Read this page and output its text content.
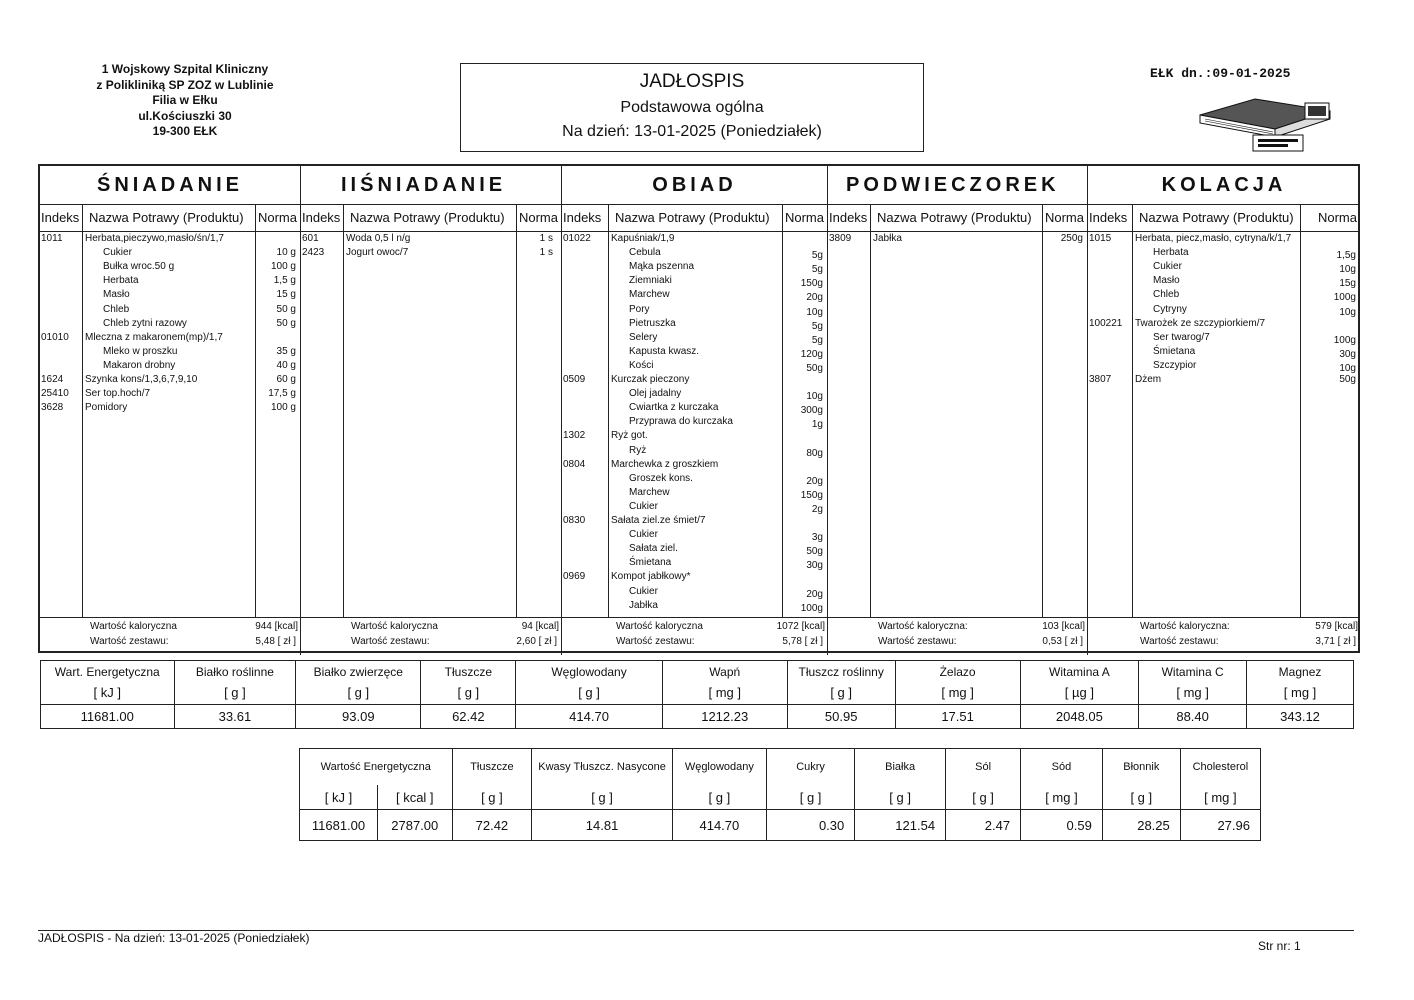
1 Wojskowy Szpital Kliniczny
z Polikliniką SP ZOZ w Lublinie
Filia w Ełku
ul.Kościuszki 30
19-300 EŁK
JADŁOSPIS
Podstawowa ogólna
Na dzień: 13-01-2025 (Poniedziałek)
EŁK dn.:09-01-2025
ŚNIADANIE
Indeks Nazwa Potrawy (Produktu) Norma
1011 Herbata,pieczywo,masło/śn/1,7
Cukier	10 g
Bułka wroc.50 g	100 g
Herbata	1,5 g
Masło	15 g
Chleb	50 g
Chleb zytni razowy	50 g
01010 Mleczna z makaronem(mp)/1,7
Mleko w proszku	35 g
Makaron drobny	40 g
1624 Szynka kons/1,3,6,7,9,10	60 g
25410 Ser top.hoch/7	17,5 g
3628 Pomidory	100 g
Wartość kaloryczna	944 [kcal]
Wartość zestawu:	5,48 [ zł ]
IIŚNIADANIE
Indeks Nazwa Potrawy (Produktu) Norma
601	Woda 0,5 l n/g	1 s
2423 Jogurt owoc/7	1 s
Wartość kaloryczna	94 [kcal]
Wartość zestawu:	2,60 [ zł ]
OBIAD
Indeks Nazwa Potrawy (Produktu) Norma
01022 Kapuśniak/1,9
Cebula	5g
Mąka pszenna	5g
Ziemniaki	150g
Marchew	20g
Pory	10g
Pietruszka	5g
Selery	5g
Kapusta kwasz.	120g
Kości	50g
0509	Kurczak pieczony
Olej jadalny	10g
Cwiartka z kurczaka	300g
Przyprawa do kurczaka	1g
1302	Ryż got.
Ryż	80g
0804	Marchewka z groszkiem
Groszek kons.	20g
Marchew	150g
Cukier	2g
0830	Sałata ziel.ze śmiet/7
Cukier	3g
Sałata ziel.	50g
Śmietana	30g
0969	Kompot jabłkowy*
Cukier	20g
Jabłka	100g
Wartość kaloryczna	1072 [kcal]
Wartość zestawu:	5,78 [ zł ]
PODWIECZOREK
Indeks Nazwa Potrawy (Produktu) Norma
3809 Jabłka	250g
Wartość kaloryczna:	103 [kcal]
Wartość zestawu:	0,53 [ zł ]
KOLACJA
Indeks Nazwa Potrawy (Produktu) Norma
1015 Herbata, piecz,masło, cytryna/k/1,7
Herbata	1,5g
Cukier	10g
Masło	15g
Chleb	100g
Cytryny	10g
100221 Twarożek ze szczypiorkiem/7
Ser twarog/7	100g
Śmietana	30g
Szczypior	10g
3807 Dżem	50g
Wartość kaloryczna:	579 [kcal]
Wartość zestawu:	3,71 [ zł ]
Wart. Energetyczna	Białko roślinne	Białko zwierzęce	Tłuszcze	Węglowodany	Wapń	Tłuszcz roślinny	Żelazo	Witamina A	Witamina C	Magnez
[ kJ ]	[ g ]	[ g ]	[ g ]	[ g ]	[ mg ]	[ g ]	[ mg ]	[ µg ]	[ mg ]	[ mg ]
11681.00	33.61	93.09	62.42	414.70	1212.23	50.95	17.51	2048.05	88.40	343.12
Wartość Energetyczna		Tłuszcze	Kwasy Tłuszcz. Nasycone	Węglowodany	Cukry	Białka	Sól	Sód	Błonnik	Cholesterol
[ kJ ]	[ kcal ]	[ g ]	[ g ]	[ g ]	[ g ]	[ g ]	[ g ]	[ mg ]	[ g ]	[ mg ]
11681.00	2787.00	72.42	14.81	414.70	0.30	121.54	2.47	0.59	28.25	27.96
JADŁOSPIS - Na dzień: 13-01-2025 (Poniedziałek)
Str nr: 1
